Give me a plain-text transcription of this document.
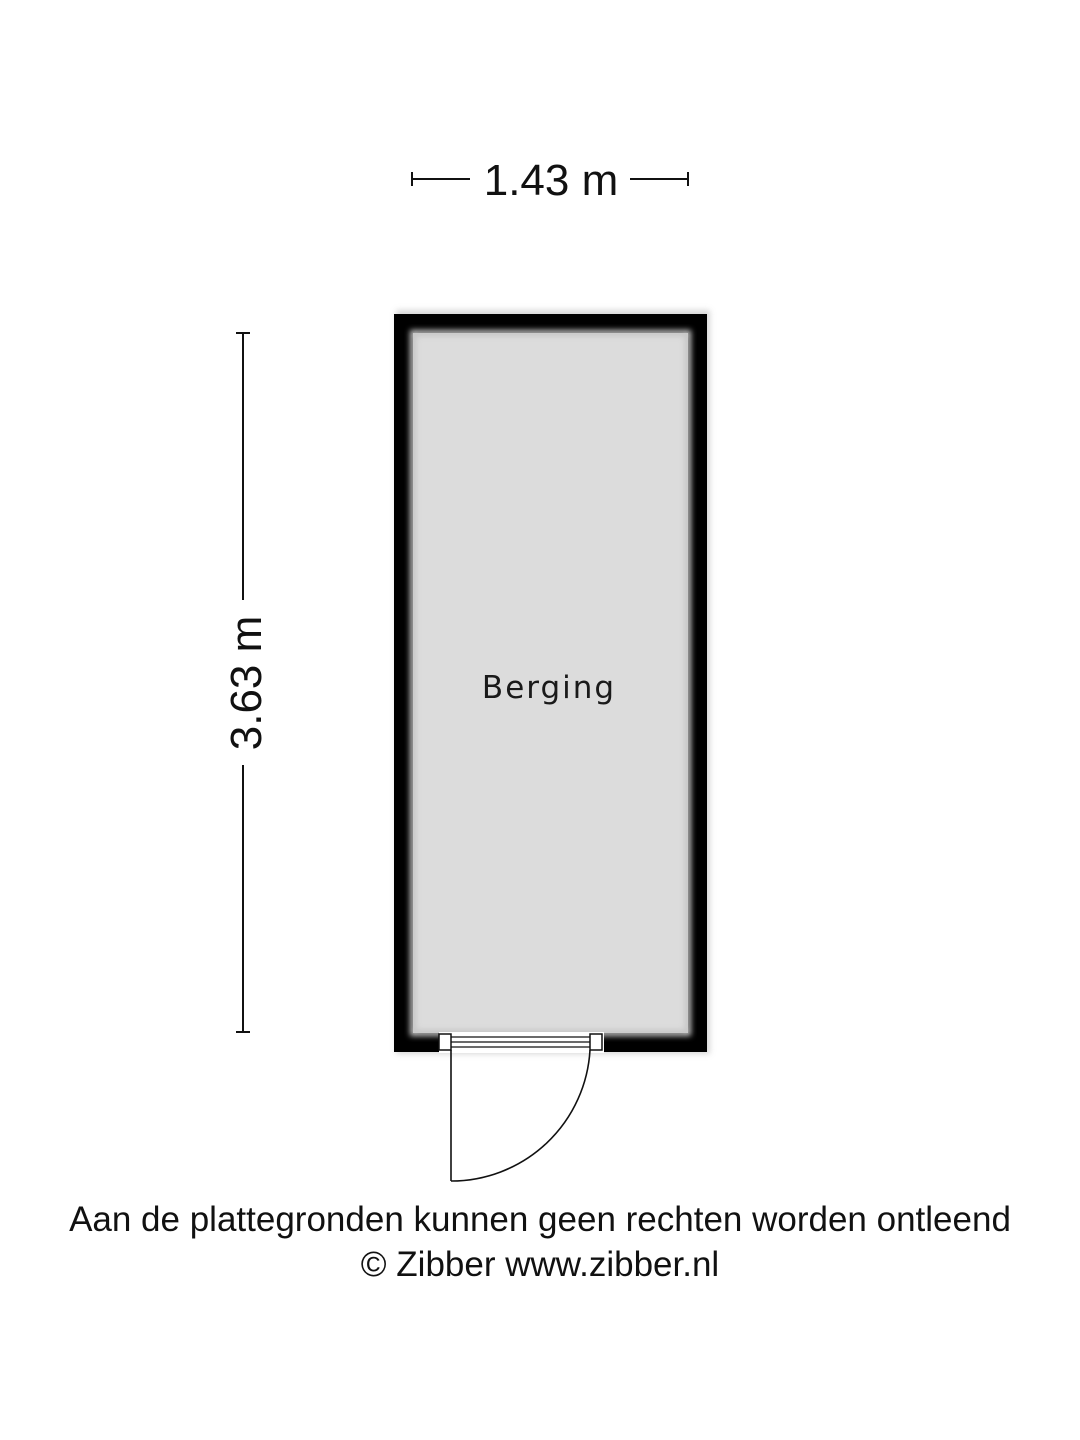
1.43 m
3.63 m	Berging
Aan de plattegronden kunnen geen rechten worden ontleend
© Zibber www.zibber.nl
